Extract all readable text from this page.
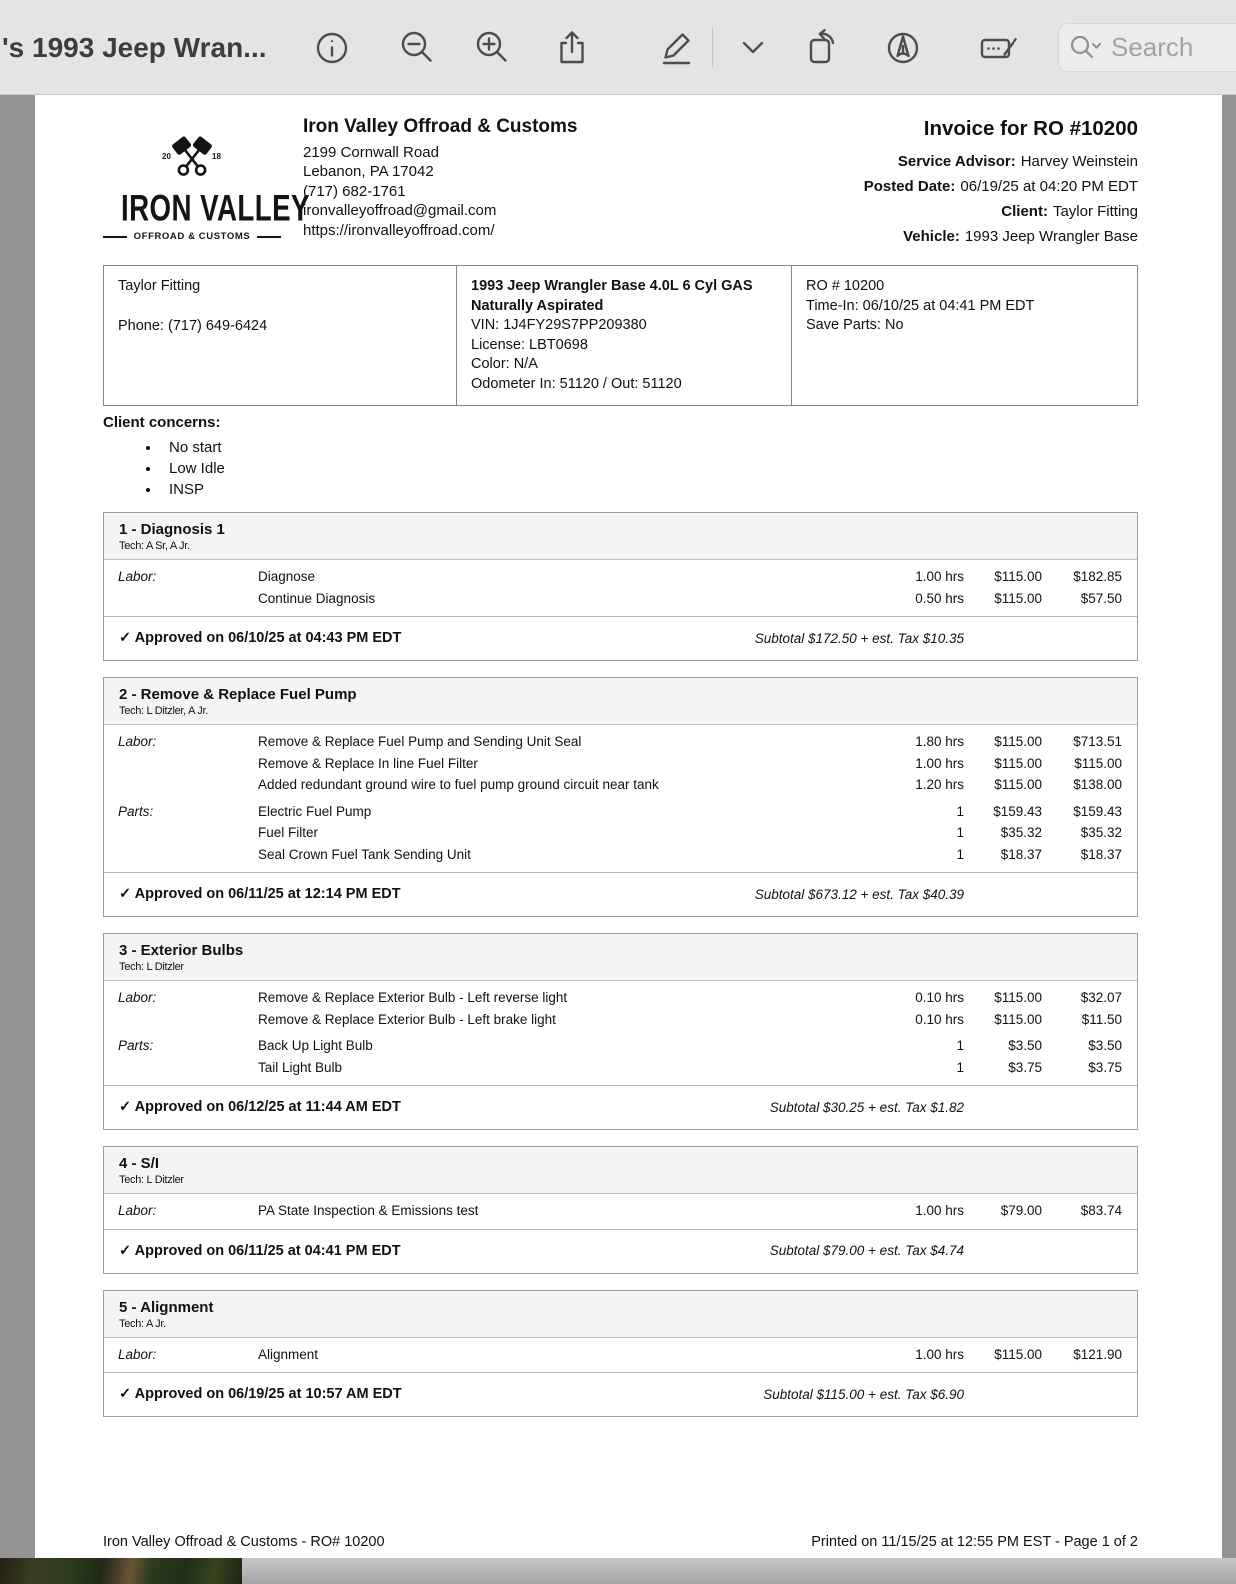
's 1993 Jeep Wran...
Search
20	18
IRON VALLEY
OFFROAD & CUSTOMS
Iron Valley Offroad & Customs
2199 Cornwall Road
Lebanon, PA 17042
(717) 682-1761
ironvalleyoffroad@gmail.com
https://ironvalleyoffroad.com/
Invoice for RO #10200
Service Advisor: Harvey Weinstein
Posted Date: 06/19/25 at 04:20 PM EDT
Client: Taylor Fitting
Vehicle: 1993 Jeep Wrangler Base
Taylor Fitting
Phone: (717) 649-6424
1993 Jeep Wrangler Base 4.0L 6 Cyl GAS Naturally Aspirated
VIN: 1J4FY29S7PP209380
License: LBT0698
Color: N/A
Odometer In: 51120 / Out: 51120
RO # 10200
Time-In: 06/10/25 at 04:41 PM EDT
Save Parts: No
Client concerns:
• No start
• Low Idle
• INSP
1 - Diagnosis 1
Tech: A Sr, A Jr.
Labor:	Diagnose	1.00 hrs	$115.00	$182.85
Continue Diagnosis	0.50 hrs	$115.00	$57.50
✓ Approved on 06/10/25 at 04:43 PM EDT	Subtotal $172.50 + est. Tax $10.35
2 - Remove & Replace Fuel Pump
Tech: L Ditzler, A Jr.
Labor:	Remove & Replace Fuel Pump and Sending Unit Seal	1.80 hrs	$115.00	$713.51
Remove & Replace In line Fuel Filter	1.00 hrs	$115.00	$115.00
Added redundant ground wire to fuel pump ground circuit near tank	1.20 hrs	$115.00	$138.00
Parts:	Electric Fuel Pump	1	$159.43	$159.43
Fuel Filter	1	$35.32	$35.32
Seal Crown Fuel Tank Sending Unit	1	$18.37	$18.37
✓ Approved on 06/11/25 at 12:14 PM EDT	Subtotal $673.12 + est. Tax $40.39
3 - Exterior Bulbs
Tech: L Ditzler
Labor:	Remove & Replace Exterior Bulb - Left reverse light	0.10 hrs	$115.00	$32.07
Remove & Replace Exterior Bulb - Left brake light	0.10 hrs	$115.00	$11.50
Parts:	Back Up Light Bulb	1	$3.50	$3.50
Tail Light Bulb	1	$3.75	$3.75
✓ Approved on 06/12/25 at 11:44 AM EDT	Subtotal $30.25 + est. Tax $1.82
4 - S/I
Tech: L Ditzler
Labor:	PA State Inspection & Emissions test	1.00 hrs	$79.00	$83.74
✓ Approved on 06/11/25 at 04:41 PM EDT	Subtotal $79.00 + est. Tax $4.74
5 - Alignment
Tech: A Jr.
Labor:	Alignment	1.00 hrs	$115.00	$121.90
✓ Approved on 06/19/25 at 10:57 AM EDT	Subtotal $115.00 + est. Tax $6.90
Iron Valley Offroad & Customs - RO# 10200	Printed on 11/15/25 at 12:55 PM EST - Page 1 of 2
